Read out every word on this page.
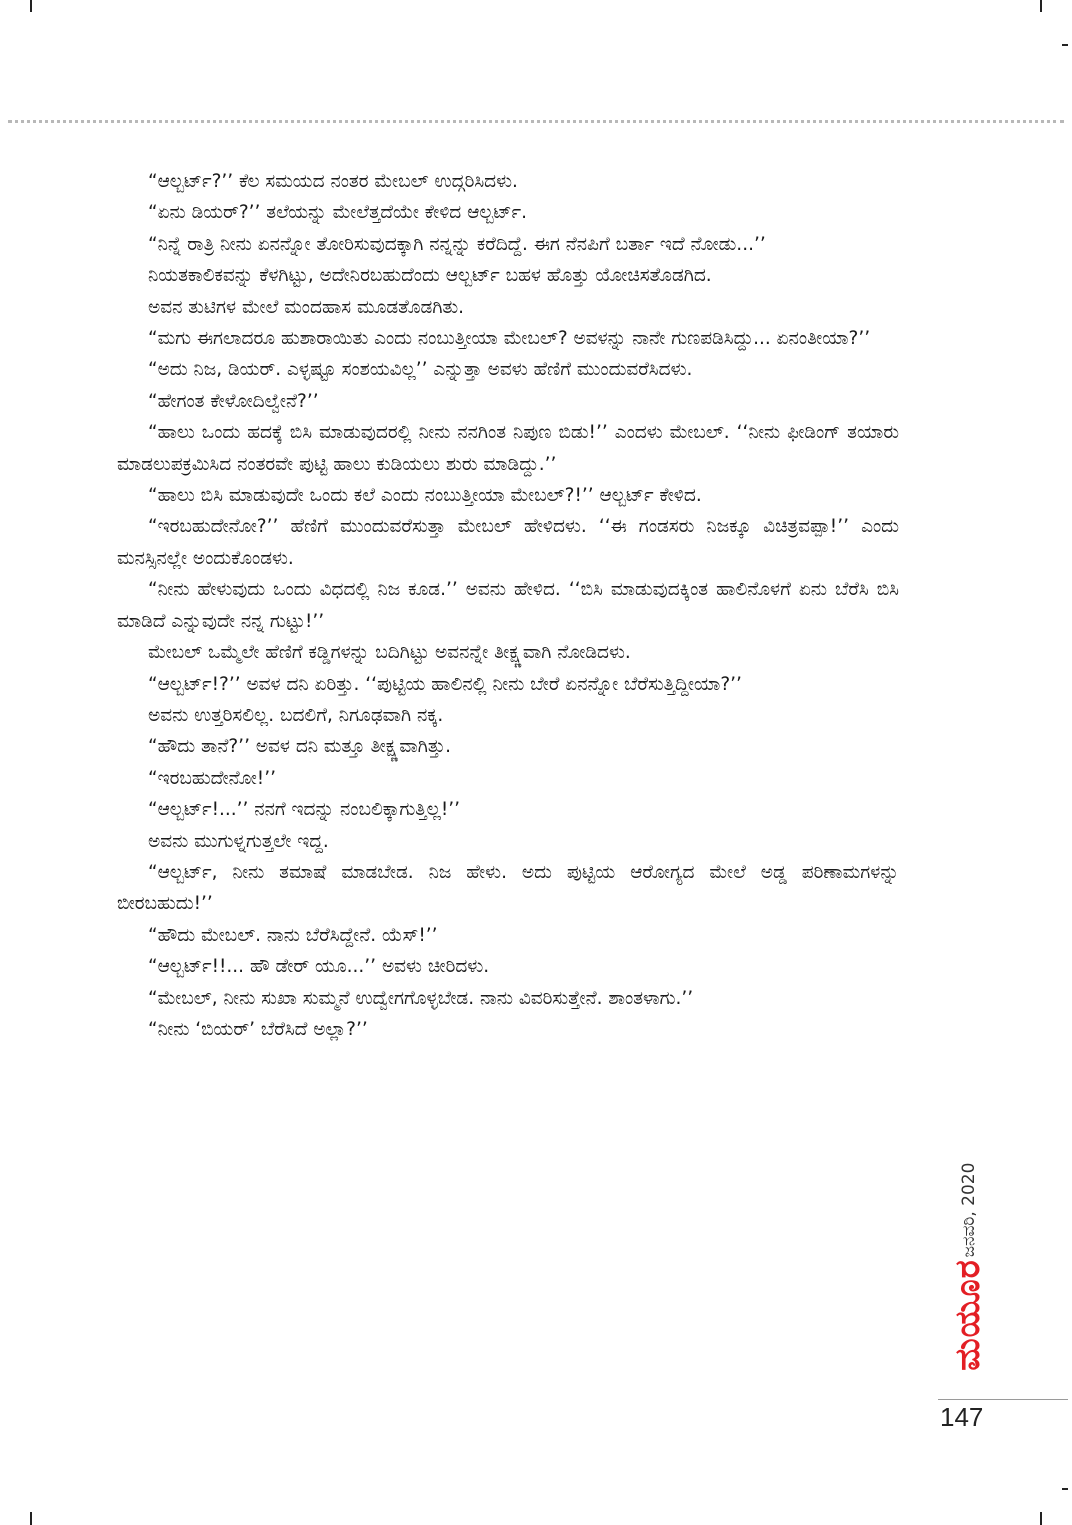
“ಆಲ್ಬರ್ಟ್?’’ ಕೆಲ ಸಮಯದ ನಂತರ ಮೇಬಲ್ ಉದ್ಗರಿಸಿದಳು.

“ಏನು ಡಿಯರ್?’’ ತಲೆಯನ್ನು ಮೇಲೆತ್ತದೆಯೇ ಕೇಳಿದ ಆಲ್ಬರ್ಟ್.

“ನಿನ್ನೆ ರಾತ್ರಿ ನೀನು ಏನನ್ನೋ ತೋರಿಸುವುದಕ್ಕಾಗಿ ನನ್ನನ್ನು ಕರೆದಿದ್ದೆ. ಈಗ ನೆನಪಿಗೆ ಬರ್ತಾ ಇದೆ ನೋಡು...’’

ನಿಯತಕಾಲಿಕವನ್ನು ಕೆಳಗಿಟ್ಟು, ಅದೇನಿರಬಹುದೆಂದು ಆಲ್ಬರ್ಟ್ ಬಹಳ ಹೊತ್ತು ಯೋಚಿಸತೊಡಗಿದ.

ಅವನ ತುಟಿಗಳ ಮೇಲೆ ಮಂದಹಾಸ ಮೂಡತೊಡಗಿತು.

“ಮಗು ಈಗಲಾದರೂ ಹುಶಾರಾಯಿತು ಎಂದು ನಂಬುತ್ತೀಯಾ ಮೇಬಲ್? ಅವಳನ್ನು ನಾನೇ ಗುಣಪಡಿಸಿದ್ದು... ಏನಂತೀಯಾ?’’

“ಅದು ನಿಜ, ಡಿಯರ್. ಎಳ್ಳಷ್ಟೂ ಸಂಶಯವಿಲ್ಲ’’ ಎನ್ನುತ್ತಾ ಅವಳು ಹೆಣಿಗೆ ಮುಂದುವರೆಸಿದಳು.

“ಹೇಗಂತ ಕೇಳೋದಿಲ್ವೇನೆ?’’

“ಹಾಲು ಒಂದು ಹದಕ್ಕೆ ಬಿಸಿ ಮಾಡುವುದರಲ್ಲಿ ನೀನು ನನಗಿಂತ ನಿಪುಣ ಬಿಡು!’’ ಎಂದಳು ಮೇಬಲ್. ‘‘ನೀನು ಫೀಡಿಂಗ್ ತಯಾರು ಮಾಡಲುಪಕ್ರಮಿಸಿದ ನಂತರವೇ ಪುಟ್ಟಿ ಹಾಲು ಕುಡಿಯಲು ಶುರು ಮಾಡಿದ್ದು.’’

“ಹಾಲು ಬಿಸಿ ಮಾಡುವುದೇ ಒಂದು ಕಲೆ ಎಂದು ನಂಬುತ್ತೀಯಾ ಮೇಬಲ್?!’’ ಆಲ್ಬರ್ಟ್ ಕೇಳಿದ.

“ಇರಬಹುದೇನೋ?’’ ಹೆಣಿಗೆ ಮುಂದುವರೆಸುತ್ತಾ ಮೇಬಲ್ ಹೇಳಿದಳು. ‘‘ಈ ಗಂಡಸರು ನಿಜಕ್ಕೂ ವಿಚಿತ್ರವಪ್ಪಾ!’’ ಎಂದು ಮನಸ್ಸಿನಲ್ಲೇ ಅಂದುಕೊಂಡಳು.

“ನೀನು ಹೇಳುವುದು ಒಂದು ವಿಧದಲ್ಲಿ ನಿಜ ಕೂಡ.’’ ಅವನು ಹೇಳಿದ. ‘‘ಬಿಸಿ ಮಾಡುವುದಕ್ಕಿಂತ ಹಾಲಿನೊಳಗೆ ಏನು ಬೆರೆಸಿ ಬಿಸಿ ಮಾಡಿದೆ ಎನ್ನುವುದೇ ನನ್ನ ಗುಟ್ಟು!’’

ಮೇಬಲ್ ಒಮ್ಮೆಲೇ ಹೆಣಿಗೆ ಕಡ್ಡಿಗಳನ್ನು ಬದಿಗಿಟ್ಟು ಅವನನ್ನೇ ತೀಕ್ಷ್ಣವಾಗಿ ನೋಡಿದಳು.

“ಆಲ್ಬರ್ಟ್!?’’ ಅವಳ ದನಿ ಏರಿತ್ತು. ‘‘ಪುಟ್ಟಿಯ ಹಾಲಿನಲ್ಲಿ ನೀನು ಬೇರೆ ಏನನ್ನೋ ಬೆರೆಸುತ್ತಿದ್ದೀಯಾ?’’

ಅವನು ಉತ್ತರಿಸಲಿಲ್ಲ. ಬದಲಿಗೆ, ನಿಗೂಢವಾಗಿ ನಕ್ಕ.

“ಹೌದು ತಾನೆ?’’ ಅವಳ ದನಿ ಮತ್ತೂ ತೀಕ್ಷ್ಣವಾಗಿತ್ತು.

“ಇರಬಹುದೇನೋ!’’

“ಆಲ್ಬರ್ಟ್!...’’ ನನಗೆ ಇದನ್ನು ನಂಬಲಿಕ್ಕಾಗುತ್ತಿಲ್ಲ!’’

ಅವನು ಮುಗುಳ್ನಗುತ್ತಲೇ ಇದ್ದ.

“ಆಲ್ಬರ್ಟ್, ನೀನು ತಮಾಷೆ ಮಾಡಬೇಡ. ನಿಜ ಹೇಳು. ಅದು ಪುಟ್ಟಿಯ ಆರೋಗ್ಯದ ಮೇಲೆ ಅಡ್ಡ ಪರಿಣಾಮಗಳನ್ನು ಬೀರಬಹುದು!’’

“ಹೌದು ಮೇಬಲ್. ನಾನು ಬೆರೆಸಿದ್ದೇನೆ. ಯೆಸ್!’’

“ಆಲ್ಬರ್ಟ್!!... ಹೌ ಡೇರ್ ಯೂ...’’ ಅವಳು ಚೀರಿದಳು.

“ಮೇಬಲ್, ನೀನು ಸುಖಾ ಸುಮ್ಮನೆ ಉದ್ವೇಗಗೊಳ್ಳಬೇಡ. ನಾನು ವಿವರಿಸುತ್ತೇನೆ. ಶಾಂತಳಾಗು.’’

“ನೀನು ‘ಬಿಯರ್’ ಬೆರೆಸಿದೆ ಅಲ್ಲಾ?’’

ಜನವರಿ, 2020
ಮಯೂರ
147
